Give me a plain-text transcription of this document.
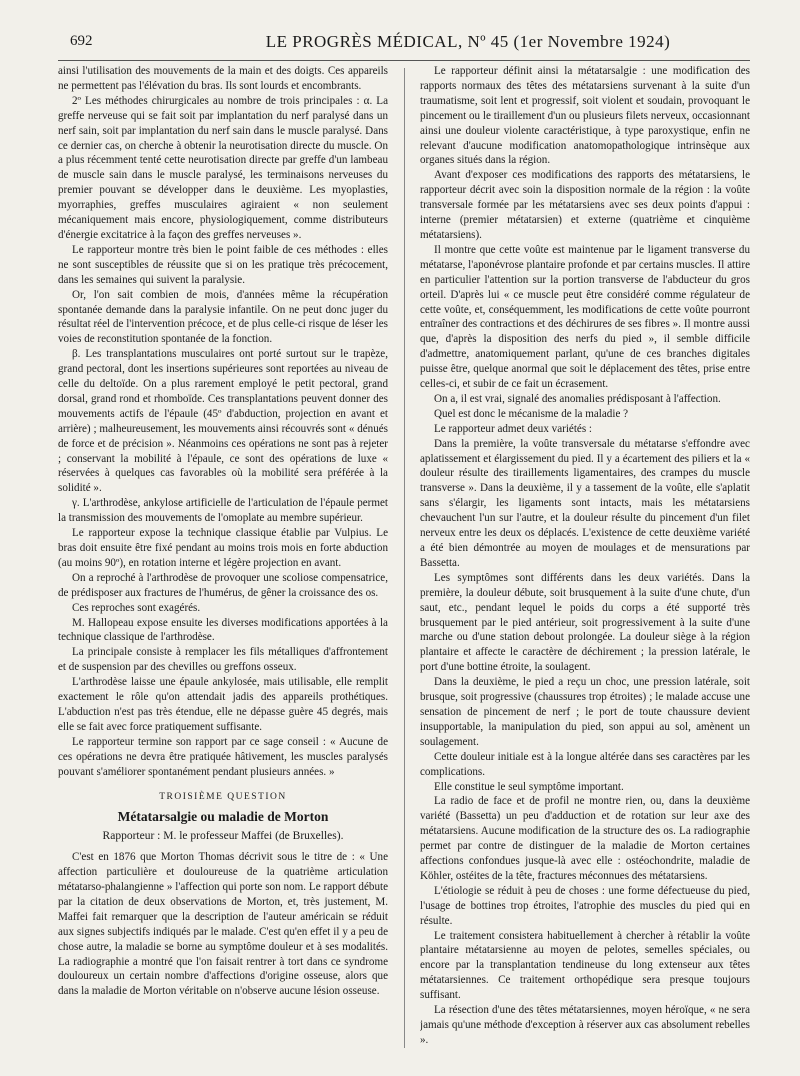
692	LE PROGRÈS MÉDICAL, Nº 45 (1er Novembre 1924)

ainsi l'utilisation des mouvements de la main et des doigts. Ces appareils ne permettent pas l'élévation du bras. Ils sont lourds et encombrants.

2º Les méthodes chirurgicales au nombre de trois principales : α. La greffe nerveuse qui se fait soit par implantation du nerf paralysé dans un nerf sain, soit par implantation du nerf sain dans le muscle paralysé. Dans ce dernier cas, on cherche à obtenir la neurotisation directe du muscle. On a plus récemment tenté cette neurotisation directe par greffe d'un lambeau de muscle sain dans le muscle paralysé, les terminaisons nerveuses du premier pouvant se développer dans le deuxième. Les myoplasties, myorraphies, greffes musculaires agiraient « non seulement mécaniquement mais encore, physiologiquement, comme distributeurs d'énergie excitatrice à la façon des greffes nerveuses ».

Le rapporteur montre très bien le point faible de ces méthodes : elles ne sont susceptibles de réussite que si on les pratique très précocement, dans les semaines qui suivent la paralysie.

Or, l'on sait combien de mois, d'années même la récupération spontanée demande dans la paralysie infantile. On ne peut donc juger du résultat réel de l'intervention précoce, et de plus celle-ci risque de léser les voies de reconstitution spontanée de la fonction.

β. Les transplantations musculaires ont porté surtout sur le trapèze, grand pectoral, dont les insertions supérieures sont reportées au niveau de celle du deltoïde. On a plus rarement employé le petit pectoral, grand dorsal, grand rond et rhomboïde. Ces transplantations peuvent donner des mouvements actifs de l'épaule (45º d'abduction, projection en avant et arrière) ; malheureusement, les mouvements ainsi récouvrés sont « dénués de force et de précision ». Néanmoins ces opérations ne sont pas à rejeter ; conservant la mobilité à l'épaule, ce sont des opérations de luxe « réservées à quelques cas favorables où la mobilité sera préférée à la solidité ».

γ. L'arthrodèse, ankylose artificielle de l'articulation de l'épaule permet la transmission des mouvements de l'omoplate au membre supérieur.

Le rapporteur expose la technique classique établie par Vulpius. Le bras doit ensuite être fixé pendant au moins trois mois en forte abduction (au moins 90º), en rotation interne et légère projection en avant.

On a reproché à l'arthrodèse de provoquer une scoliose compensatrice, de prédisposer aux fractures de l'humérus, de gêner la croissance des os.

Ces reproches sont exagérés.

M. Hallopeau expose ensuite les diverses modifications apportées à la technique classique de l'arthrodèse.

La principale consiste à remplacer les fils métalliques d'affrontement et de suspension par des chevilles ou greffons osseux.

L'arthrodèse laisse une épaule ankylosée, mais utilisable, elle remplit exactement le rôle qu'on attendait jadis des appareils prothétiques. L'abduction n'est pas très étendue, elle ne dépasse guère 45 degrés, mais elle se fait avec force pratiquement suffisante.

Le rapporteur termine son rapport par ce sage conseil : « Aucune de ces opérations ne devra être pratiquée hâtivement, les muscles paralysés pouvant s'améliorer spontanément pendant plusieurs années. »

TROISIÈME QUESTION

Métatarsalgie ou maladie de Morton

Rapporteur : M. le professeur Maffei (de Bruxelles).

C'est en 1876 que Morton Thomas décrivit sous le titre de : « Une affection particulière et douloureuse de la quatrième articulation métatarso-phalangienne » l'affection qui porte son nom. Le rapport débute par la citation de deux observations de Morton, et, très justement, M. Maffei fait remarquer que la description de l'auteur américain se réduit aux signes subjectifs indiqués par le malade. C'est qu'en effet il y a peu de chose autre, la maladie se borne au symptôme douleur et à ses modalités. La radiographie a montré que l'on faisait rentrer à tort dans ce syndrome douloureux un certain nombre d'affections d'origine osseuse, alors que dans la maladie de Morton véritable on n'observe aucune lésion osseuse.

Le rapporteur définit ainsi la métatarsalgie : une modification des rapports normaux des têtes des métatarsiens survenant à la suite d'un traumatisme, soit lent et progressif, soit violent et soudain, provoquant le pincement ou le tiraillement d'un ou plusieurs filets nerveux, occasionnant ainsi une douleur violente caractéristique, à type paroxystique, enfin ne relevant d'aucune modification anatomopathologique intrinsèque aux organes situés dans la région.

Avant d'exposer ces modifications des rapports des métatarsiens, le rapporteur décrit avec soin la disposition normale de la région : la voûte transversale formée par les métatarsiens avec ses deux points d'appui : interne (premier métatarsien) et externe (quatrième et cinquième métatarsiens).

Il montre que cette voûte est maintenue par le ligament transverse du métatarse, l'aponévrose plantaire profonde et par certains muscles. Il attire en particulier l'attention sur la portion transverse de l'abducteur du gros orteil. D'après lui « ce muscle peut être considéré comme régulateur de cette voûte, et, conséquemment, les modifications de cette voûte pourront entraîner des contractions et des déchirures de ses fibres ». Il montre aussi que, d'après la disposition des nerfs du pied », il semble difficile d'admettre, anatomiquement parlant, qu'une de ces branches digitales puisse être, quelque anormal que soit le déplacement des têtes, prise entre celles-ci, et subir de ce fait un écrasement.

On a, il est vrai, signalé des anomalies prédisposant à l'affection.

Quel est donc le mécanisme de la maladie ?

Le rapporteur admet deux variétés :

Dans la première, la voûte transversale du métatarse s'effondre avec aplatissement et élargissement du pied. Il y a écartement des piliers et la « douleur résulte des tiraillements ligamentaires, des crampes du muscle transverse ». Dans la deuxième, il y a tassement de la voûte, elle s'aplatit sans s'élargir, les ligaments sont intacts, mais les métatarsiens chevauchent l'un sur l'autre, et la douleur résulte du pincement d'un filet nerveux entre les deux os déplacés. L'existence de cette deuxième variété a été bien démontrée au moyen de moulages et de mensurations par Bassetta.

Les symptômes sont différents dans les deux variétés. Dans la première, la douleur débute, soit brusquement à la suite d'une chute, d'un saut, etc., pendant lequel le poids du corps a été supporté très brusquement par le pied antérieur, soit progressivement à la suite d'une marche ou d'une station debout prolongée. La douleur siège à la région plantaire et affecte le caractère de déchirement ; la pression latérale, le port d'une bottine étroite, la soulagent.

Dans la deuxième, le pied a reçu un choc, une pression latérale, soit brusque, soit progressive (chaussures trop étroites) ; le malade accuse une sensation de pincement de nerf ; le port de toute chaussure devient insupportable, la manipulation du pied, son appui au sol, amènent un soulagement.

Cette douleur initiale est à la longue altérée dans ses caractères par les complications.

Elle constitue le seul symptôme important.

La radio de face et de profil ne montre rien, ou, dans la deuxième variété (Bassetta) un peu d'adduction et de rotation sur leur axe des métatarsiens. Aucune modification de la structure des os. La radiographie permet par contre de distinguer de la maladie de Morton certaines affections confondues jusque-là avec elle : ostéochondrite, maladie de Köhler, ostéites de la tête, fractures méconnues des métatarsiens.

L'étiologie se réduit à peu de choses : une forme défectueuse du pied, l'usage de bottines trop étroites, l'atrophie des muscles du pied qui en résulte.

Le traitement consistera habituellement à chercher à rétablir la voûte plantaire métatarsienne au moyen de pelotes, semelles spéciales, ou encore par la transplantation tendineuse du long extenseur aux têtes métatarsiennes. Ce traitement orthopédique sera presque toujours suffisant.

La résection d'une des têtes métatarsiennes, moyen héroïque, « ne sera jamais qu'une méthode d'exception à réserver aux cas absolument rebelles ».
